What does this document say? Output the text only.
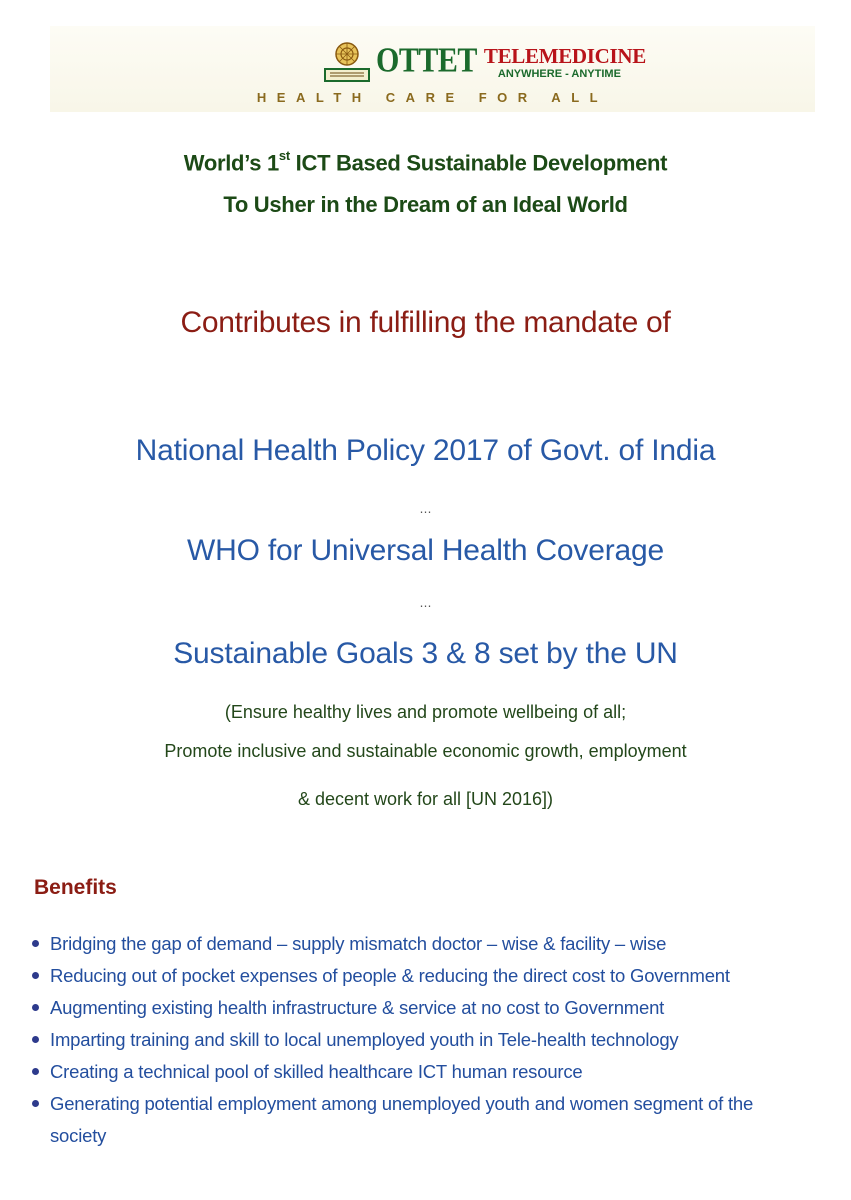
OTTET TELEMEDICINE
ANYWHERE - ANYTIME
HEALTH CARE FOR ALL
World’s 1st ICT Based Sustainable Development
To Usher in the Dream of an Ideal World
Contributes in fulfilling the mandate of
National Health Policy 2017 of Govt. of India
…
WHO for Universal Health Coverage
…
Sustainable Goals 3 & 8 set by the UN
(Ensure healthy lives and promote wellbeing of all;
Promote inclusive and sustainable economic growth, employment
& decent work for all [UN 2016])
Benefits
Bridging the gap of demand – supply mismatch doctor – wise & facility – wise
Reducing out of pocket expenses of people & reducing the direct cost to Government
Augmenting existing health infrastructure & service at no cost to Government
Imparting training and skill to local unemployed youth in Tele-health technology
Creating a technical pool of skilled healthcare ICT human resource
Generating potential employment among unemployed youth and women segment of the society
